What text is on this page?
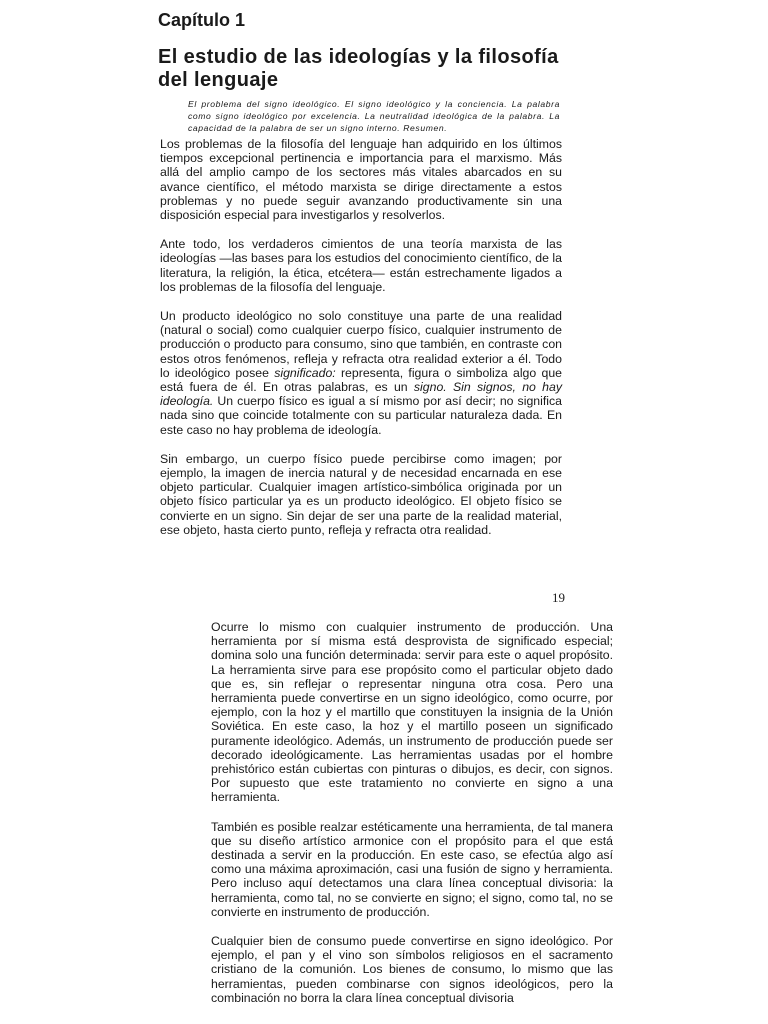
Capítulo 1
El estudio de las ideologías y la filosofía del lenguaje
El problema del signo ideológico. El signo ideológico y la conciencia. La palabra como signo ideológico por excelencia. La neutralidad ideológica de la palabra. La capacidad de la palabra de ser un signo interno. Resumen.

Los problemas de la filosofía del lenguaje han adquirido en los últimos tiempos excepcional pertinencia e importancia para el marxismo. Más allá del amplio campo de los sectores más vitales abarcados en su avance científico, el método marxista se dirige directamente a estos problemas y no puede seguir avanzando productivamente sin una disposición especial para investigarlos y resolverlos.

Ante todo, los verdaderos cimientos de una teoría marxista de las ideologías —las bases para los estudios del conocimiento científico, de la literatura, la religión, la ética, etcétera— están estrechamente ligados a los problemas de la filosofía del lenguaje.

Un producto ideológico no solo constituye una parte de una realidad (natural o social) como cualquier cuerpo físico, cualquier instrumento de producción o producto para consumo, sino que también, en contraste con estos otros fenómenos, refleja y refracta otra realidad exterior a él. Todo lo ideológico posee significado: representa, figura o simboliza algo que está fuera de él. En otras palabras, es un signo. Sin signos, no hay ideología. Un cuerpo físico es igual a sí mismo por así decir; no significa nada sino que coincide totalmente con su particular naturaleza dada. En este caso no hay problema de ideología.

Sin embargo, un cuerpo físico puede percibirse como imagen; por ejemplo, la imagen de inercia natural y de necesidad encarnada en ese objeto particular. Cualquier imagen artístico-simbólica originada por un objeto físico particular ya es un producto ideológico. El objeto físico se convierte en un signo. Sin dejar de ser una parte de la realidad material, ese objeto, hasta cierto punto, refleja y refracta otra realidad.

19

Ocurre lo mismo con cualquier instrumento de producción. Una herramienta por sí misma está desprovista de significado especial; domina solo una función determinada: servir para este o aquel propósito. La herramienta sirve para ese propósito como el particular objeto dado que es, sin reflejar o representar ninguna otra cosa. Pero una herramienta puede convertirse en un signo ideológico, como ocurre, por ejemplo, con la hoz y el martillo que constituyen la insignia de la Unión Soviética. En este caso, la hoz y el martillo poseen un significado puramente ideológico. Además, un instrumento de producción puede ser decorado ideológicamente. Las herramientas usadas por el hombre prehistórico están cubiertas con pinturas o dibujos, es decir, con signos. Por supuesto que este tratamiento no convierte en signo a una herramienta.

También es posible realzar estéticamente una herramienta, de tal manera que su diseño artístico armonice con el propósito para el que está destinada a servir en la producción. En este caso, se efectúa algo así como una máxima aproximación, casi una fusión de signo y herramienta. Pero incluso aquí detectamos una clara línea conceptual divisoria: la herramienta, como tal, no se convierte en signo; el signo, como tal, no se convierte en instrumento de producción.

Cualquier bien de consumo puede convertirse en signo ideológico. Por ejemplo, el pan y el vino son símbolos religiosos en el sacramento cristiano de la comunión. Los bienes de consumo, lo mismo que las herramientas, pueden combinarse con signos ideológicos, pero la combinación no borra la clara línea conceptual divisoria
